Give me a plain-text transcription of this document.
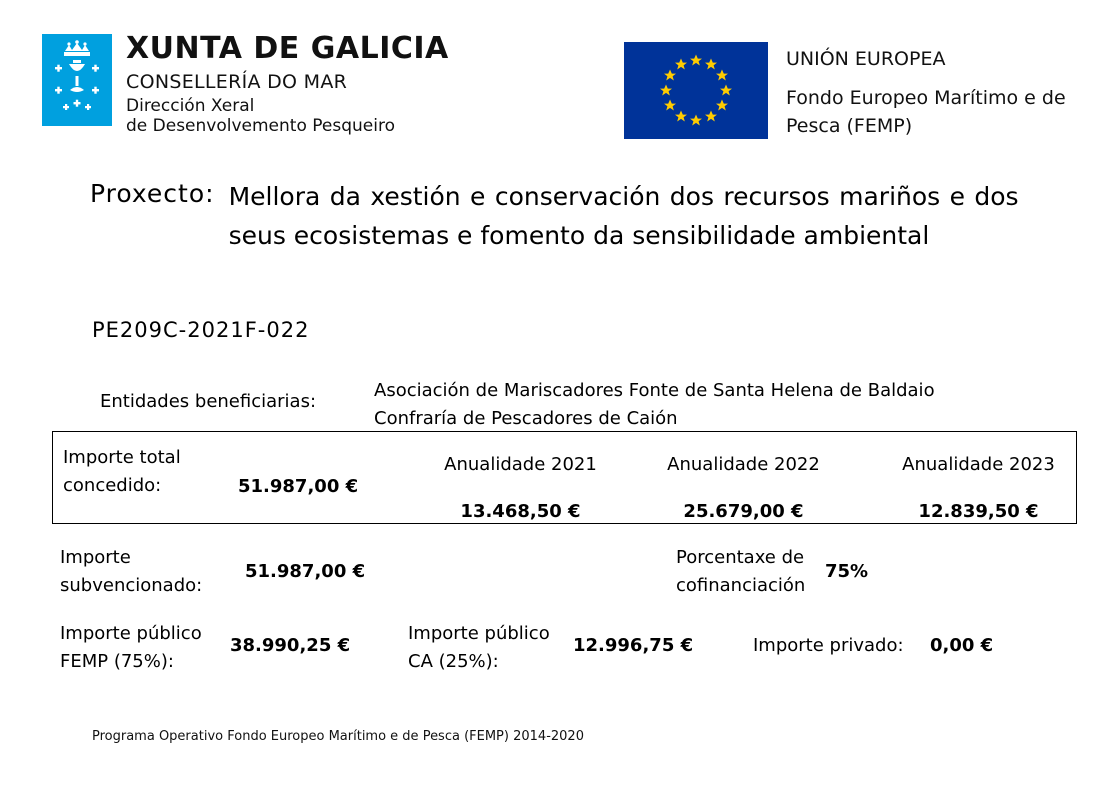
XUNTA DE GALICIA
CONSELLERÍA DO MAR
Dirección Xeral
de Desenvolvemento Pesqueiro
UNIÓN EUROPEA
Fondo Europeo Marítimo e de Pesca (FEMP)
Proxecto: Mellora da xestión e conservación dos recursos mariños e dos seus ecosistemas e fomento da sensibilidade ambiental
PE209C-2021F-022
Entidades beneficiarias:
Asociación de Mariscadores Fonte de Santa Helena de Baldaio
Confraría de Pescadores de Caión
Importe total concedido:	51.987,00 €
Anualidade 2021
13.468,50 €
Anualidade 2022
25.679,00 €
Anualidade 2023
12.839,50 €
Importe subvencionado:
51.987,00 €
Porcentaxe de cofinanciación
75%
Importe público FEMP (75%):
38.990,25 €
Importe público CA (25%):
12.996,75 €	Importe privado: 0,00 €
Programa Operativo Fondo Europeo Marítimo e de Pesca (FEMP) 2014-2020
